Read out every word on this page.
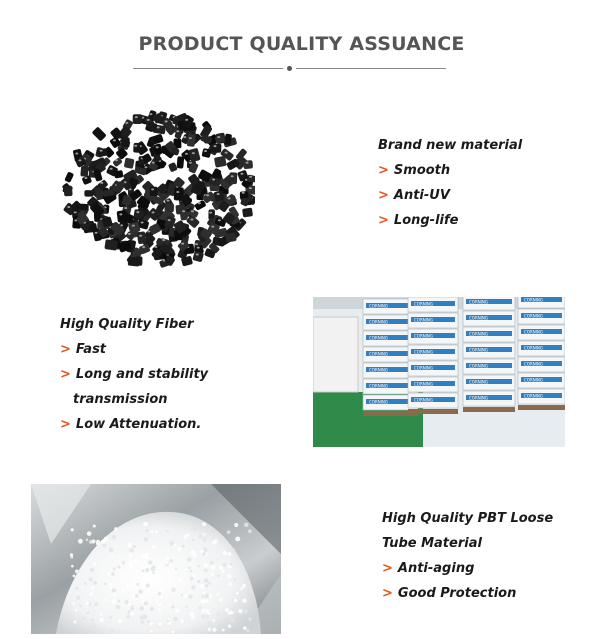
PRODUCT QUALITY ASSUANCE
Brand new material
> Smooth
> Anti-UV
> Long-life
High Quality Fiber
> Fast
> Long and stability
transmission
> Low Attenuation.
CORNING
CORNING
CORNING
CORNING
CORNING
CORNING
CORNING
CORNING
CORNING
CORNING
CORNING
CORNING
CORNING
CORNING
CORNING
CORNING
CORNING
CORNING
CORNING
CORNING
CORNING
CORNING
CORNING
CORNING
CORNING
CORNING
CORNING
CORNING
High Quality PBT Loose
Tube Material
> Anti-aging
> Good Protection
